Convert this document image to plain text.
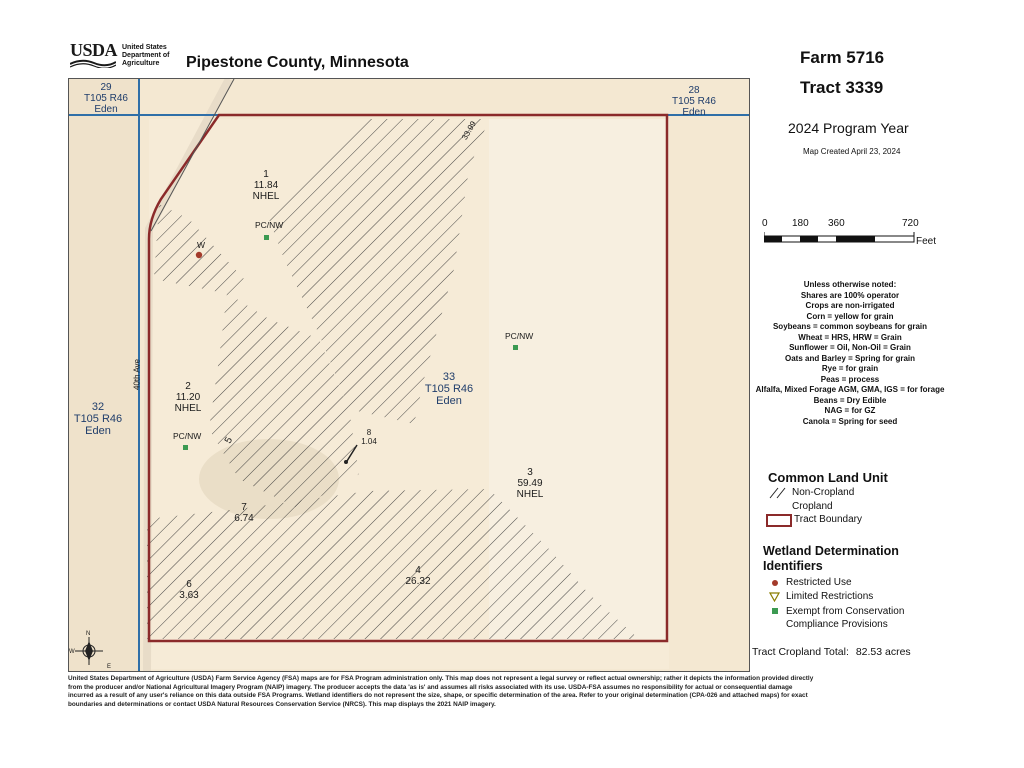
USDA United States
Department of
Agriculture	Pipestone County, Minnesota	Farm 5716
Tract 3339
2024 Program Year
Map Created April 23, 2024
29
T105 R46
Eden
28
T105 R46
Eden
32
T105 R46
Eden
33
T105 R46
Eden
1
11.84
NHEL
2
11.20
NHEL
3
59.49
NHEL
4
26.32
5
6
3.63
7
6.74
8
1.04
PC/NW
PC/NW
PC/NW
W
40th Ave
33.99
N
E
W
0 180 360	720
Feet
Unless otherwise noted:
Shares are 100% operator
Crops are non-irrigated
Corn = yellow for grain
Soybeans = common soybeans for grain
Wheat = HRS, HRW = Grain
Sunflower = Oil, Non-Oil = Grain
Oats and Barley = Spring for grain
Rye = for grain
Peas = process
Alfalfa, Mixed Forage AGM, GMA, IGS = for forage
Beans = Dry Edible
NAG = for GZ
Canola = Spring for seed
Common Land Unit
Non-Cropland
Cropland
Tract Boundary
Wetland Determination
Identifiers
Restricted Use
Limited Restrictions
Exempt from Conservation
Compliance Provisions
Tract Cropland Total: 82.53 acres
United States Department of Agriculture (USDA) Farm Service Agency (FSA) maps are for FSA Program administration only. This map does not represent a legal survey or reflect actual ownership; rather it depicts the information provided directly
from the producer and/or National Agricultural Imagery Program (NAIP) imagery. The producer accepts the data 'as is' and assumes all risks associated with its use. USDA-FSA assumes no responsibility for actual or consequential damage
incurred as a result of any user's reliance on this data outside FSA Programs. Wetland identifiers do not represent the size, shape, or specific determination of the area. Refer to your original determination (CPA-026 and attached maps) for exact
boundaries and determinations or contact USDA Natural Resources Conservation Service (NRCS). This map displays the 2021 NAIP imagery.
